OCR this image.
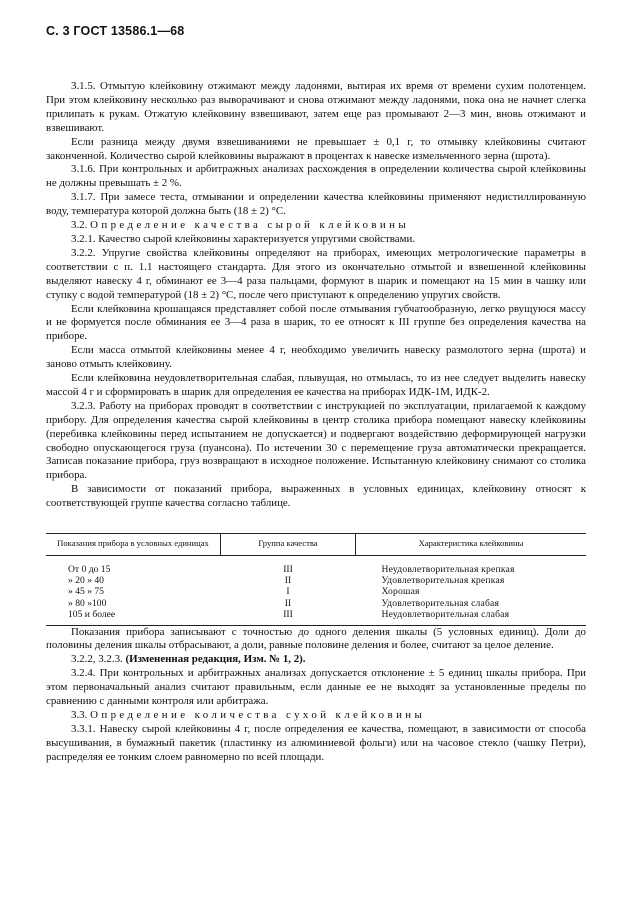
С. 3 ГОСТ 13586.1—68

3.1.5. Отмытую клейковину отжимают между ладонями, вытирая их время от времени сухим полотенцем. При этом клейковину несколько раз выворачивают и снова отжимают между ладонями, пока она не начнет слегка прилипать к рукам. Отжатую клейковину взвешивают, затем еще раз промывают 2—3 мин, вновь отжимают и взвешивают.

Если разница между двумя взвешиваниями не превышает ± 0,1 г, то отмывку клейковины считают законченной. Количество сырой клейковины выражают в процентах к навеске измельченного зерна (шрота).

3.1.6. При контрольных и арбитражных анализах расхождения в определении количества сырой клейковины не должны превышать ± 2 %.

3.1.7. При замесе теста, отмывании и определении качества клейковины применяют недистиллированную воду, температура которой должна быть (18 ± 2) °С.

3.2. Определение качества сырой клейковины

3.2.1. Качество сырой клейковины характеризуется упругими свойствами.

3.2.2. Упругие свойства клейковины определяют на приборах, имеющих метрологические параметры в соответствии с п. 1.1 настоящего стандарта. Для этого из окончательно отмытой и взвешенной клейковины выделяют навеску 4 г, обминают ее 3—4 раза пальцами, формуют в шарик и помещают на 15 мин в чашку или ступку с водой температурой (18 ± 2) °С, после чего приступают к определению упругих свойств.

Если клейковина крошащаяся представляет собой после отмывания губчатообразную, легко рвущуюся массу и не формуется после обминания ее 3—4 раза в шарик, то ее относят к III группе без определения качества на приборе.

Если масса отмытой клейковины менее 4 г, необходимо увеличить навеску размолотого зерна (шрота) и заново отмыть клейковину.

Если клейковина неудовлетворительная слабая, плывущая, но отмылась, то из нее следует выделить навеску массой 4 г и сформировать в шарик для определения ее качества на приборах ИДК-1М, ИДК-2.

3.2.3. Работу на приборах проводят в соответствии с инструкцией по эксплуатации, прилагаемой к каждому прибору. Для определения качества сырой клейковины в центр столика прибора помещают навеску клейковины (перебивка клейковины перед испытанием не допускается) и подвергают воздействию деформирующей нагрузки свободно опускающегося груза (пуансона). По истечении 30 с перемещение груза автоматически прекращается. Записав показание прибора, груз возвращают в исходное положение. Испытанную клейковину снимают со столика прибора.

В зависимости от показаний прибора, выраженных в условных единицах, клейковину относят к соответствующей группе качества согласно таблице.

Показания прибора в условных единицах	Группа качества	Характеристика клейковины
От 0 до 15	III	Неудовлетворительная крепкая
» 20 » 40	II	Удовлетворительная крепкая
» 45 » 75	I	Хорошая
» 80 »100	II	Удовлетворительная слабая
105 и более	III	Неудовлетворительная слабая

Показания прибора записывают с точностью до одного деления шкалы (5 условных единиц). Доли до половины деления шкалы отбрасывают, а доли, равные половине деления и более, считают за целое деление.

3.2.2, 3.2.3. (Измененная редакция, Изм. № 1, 2).

3.2.4. При контрольных и арбитражных анализах допускается отклонение ± 5 единиц шкалы прибора. При этом первоначальный анализ считают правильным, если данные ее не выходят за установленные пределы по сравнению с данными контроля или арбитража.

3.3. Определение количества сухой клейковины

3.3.1. Навеску сырой клейковины 4 г, после определения ее качества, помещают, в зависимости от способа высушивания, в бумажный пакетик (пластинку из алюминиевой фольги) или на часовое стекло (чашку Петри), распределяя ее тонким слоем равномерно по всей площади.
